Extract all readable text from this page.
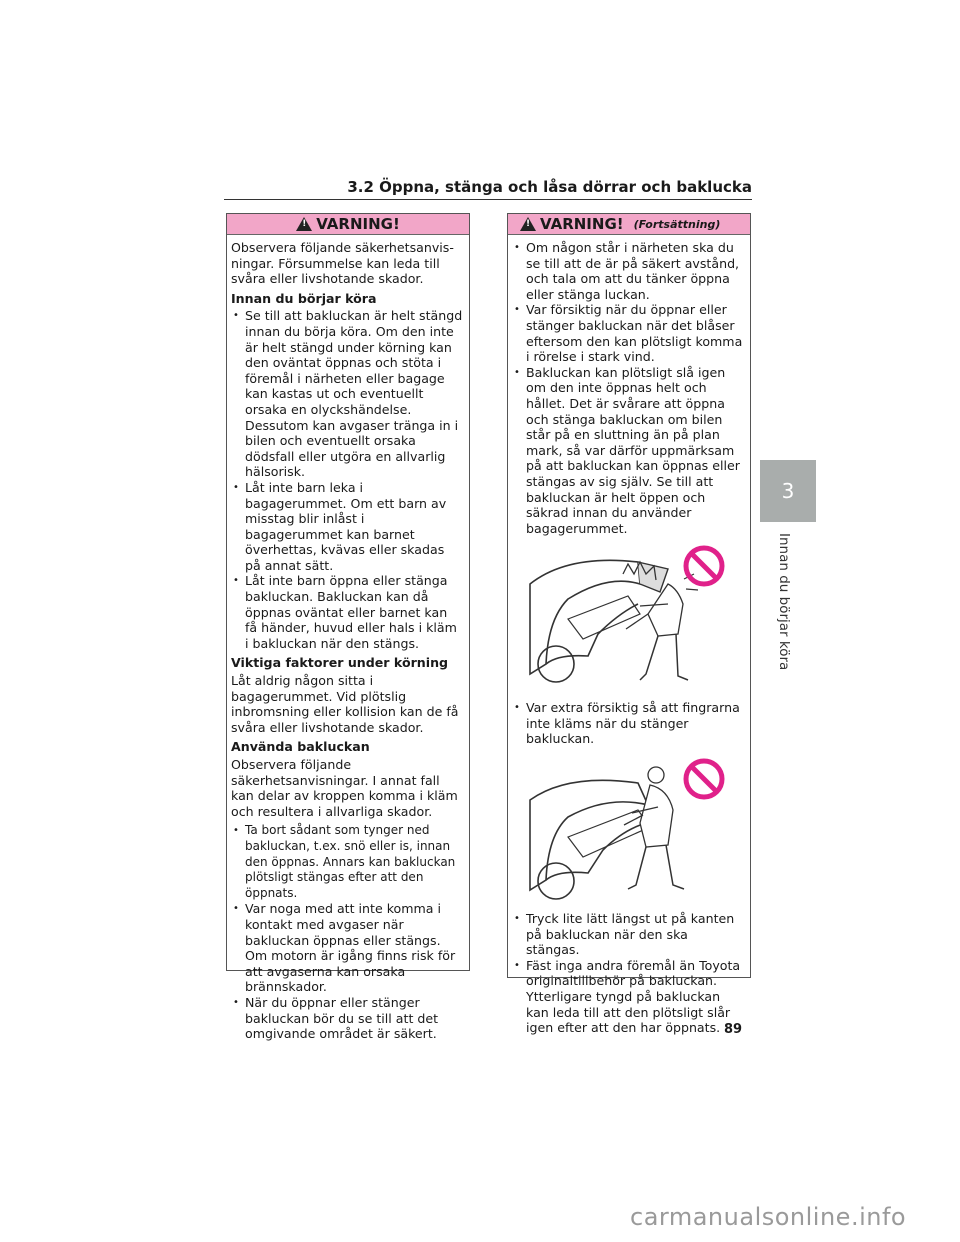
3.2 Öppna, stänga och låsa dörrar och baklucka
!
VARNING!

Observera följande säkerhetsanvisningar. Försummelse kan leda till svåra eller livshotande skador.

Innan du börjar köra
• Se till att bakluckan är helt stängd innan du börja köra. Om den inte är helt stängd under körning kan den oväntat öppnas och stöta i föremål i närheten eller bagage kan kastas ut och eventuellt orsaka en olyckshändelse. Dessutom kan avgaser tränga in i bilen och eventuellt orsaka dödsfall eller utgöra en allvarlig hälsorisk.
• Låt inte barn leka i bagagerummet. Om ett barn av misstag blir inlåst i bagagerummet kan barnet överhettas, kvävas eller skadas på annat sätt.
• Låt inte barn öppna eller stänga bakluckan. Bakluckan kan då öppnas oväntat eller barnet kan få händer, huvud eller hals i kläm i bakluckan när den stängs.
Viktiga faktorer under körning

Låt aldrig någon sitta i bagagerummet. Vid plötslig inbromsning eller kollision kan de få svåra eller livshotande skador.

Använda bakluckan

Observera följande säkerhetsanvisningar. I annat fall kan delar av kroppen komma i kläm och resultera i allvarliga skador.

• Ta bort sådant som tynger ned bakluckan, t.ex. snö eller is, innan den öppnas. Annars kan bakluckan plötsligt stängas efter att den öppnats.
• Var noga med att inte komma i kontakt med avgaser när bakluckan öppnas eller stängs. Om motorn är igång finns risk för att avgaserna kan orsaka brännskador.
• När du öppnar eller stänger bakluckan bör du se till att det omgivande området är säkert.
!
VARNING! (Fortsättning)
• Om någon står i närheten ska du se till att de är på säkert avstånd, och tala om att du tänker öppna eller stänga luckan.
• Var försiktig när du öppnar eller stänger bakluckan när det blåser eftersom den kan plötsligt komma i rörelse i stark vind.
• Bakluckan kan plötsligt slå igen om den inte öppnas helt och hållet. Det är svårare att öppna och stänga bakluckan om bilen står på en sluttning än på plan mark, så var därför uppmärksam på att bakluckan kan öppnas eller stängas av sig själv. Se till att bakluckan är helt öppen och säkrad innan du använder bagagerummet.
• Var extra försiktig så att fingrarna inte kläms när du stänger bakluckan.
• Tryck lite lätt längst ut på kanten på bakluckan när den ska stängas.
• Fäst inga andra föremål än Toyota originaltillbehör på bakluckan. Ytterligare tyngd på bakluckan kan leda till att den plötsligt slår igen efter att den har öppnats.
3
Innan du börjar köra
89
carmanualsonline.info
